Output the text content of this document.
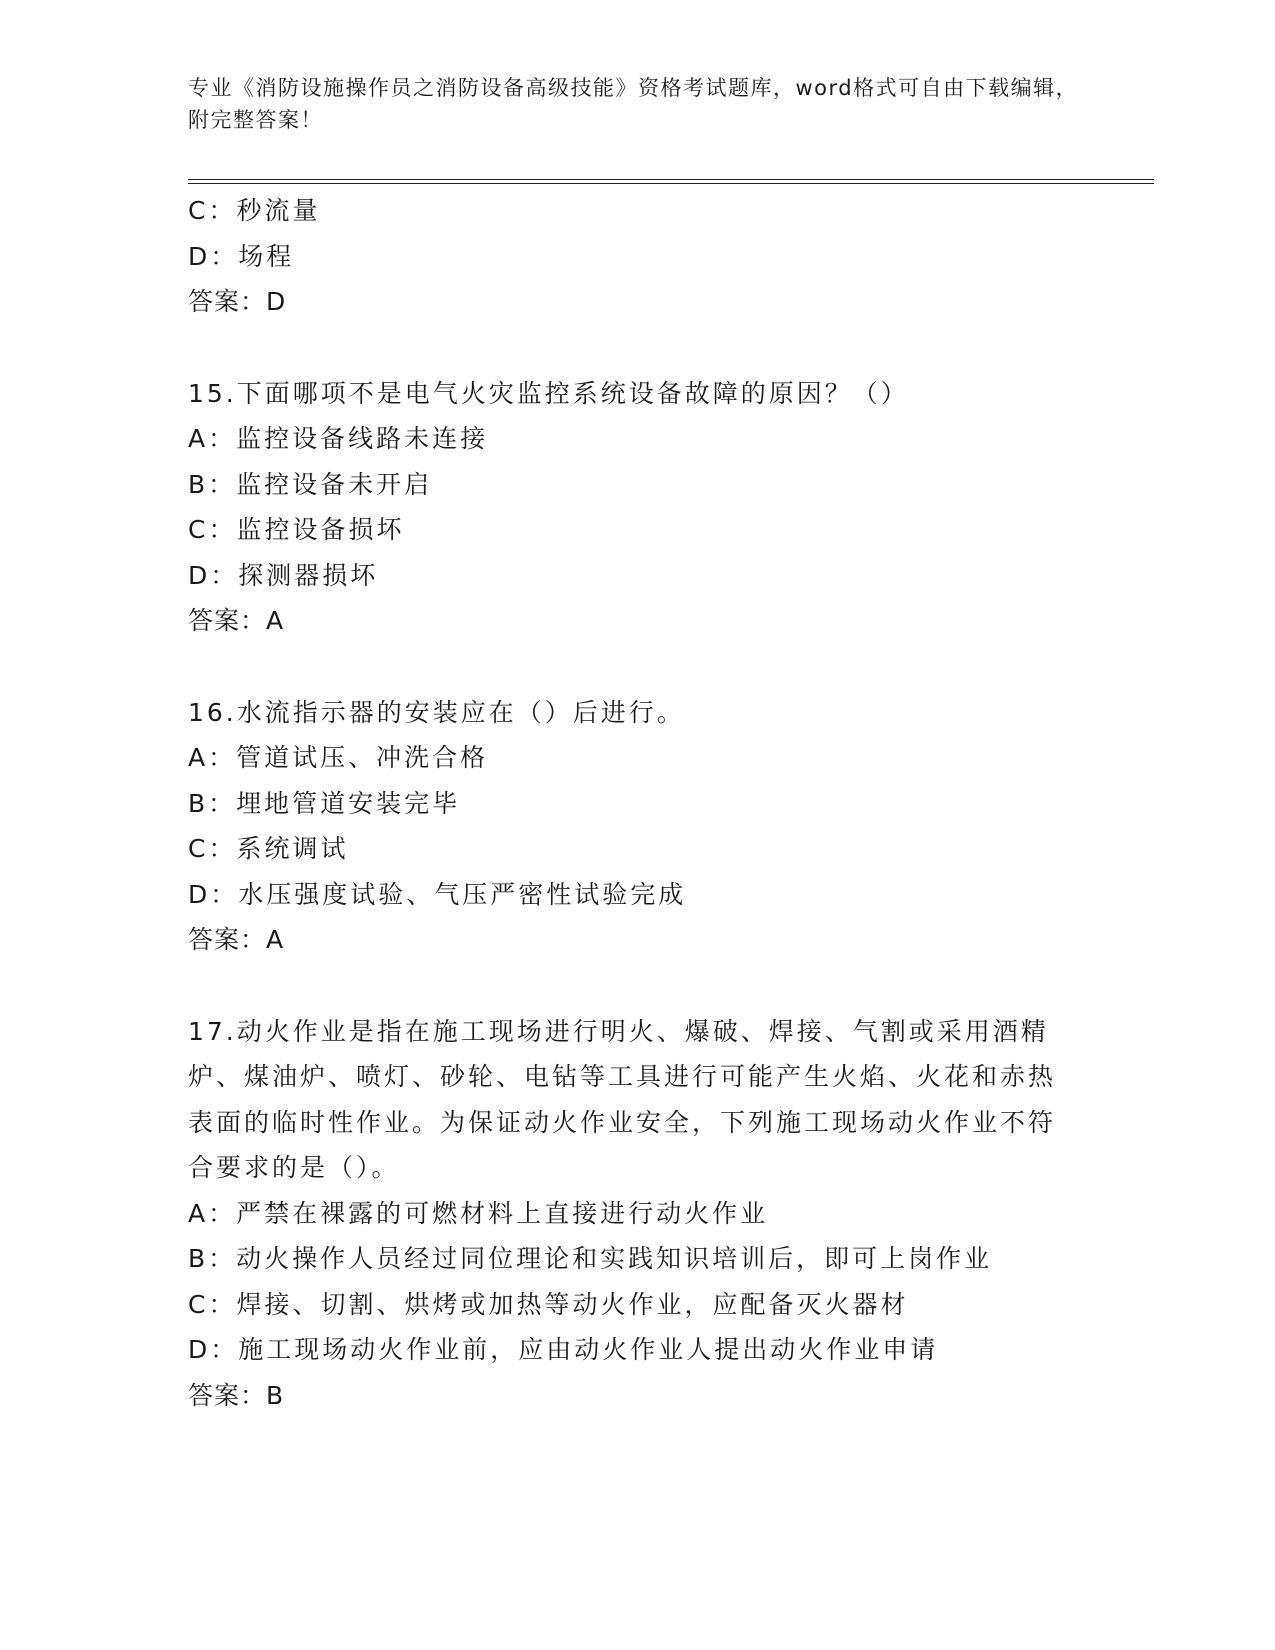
专业《消防设施操作员之消防设备高级技能》资格考试题库，word格式可自由下载编辑，附完整答案！
C：秒流量
D：场程
答案：D
15.下面哪项不是电气火灾监控系统设备故障的原因？（）
A：监控设备线路未连接
B：监控设备未开启
C：监控设备损坏
D：探测器损坏
答案：A
16.水流指示器的安装应在（）后进行。
A：管道试压、冲洗合格
B：埋地管道安装完毕
C：系统调试
D：水压强度试验、气压严密性试验完成
答案：A
17.动火作业是指在施工现场进行明火、爆破、焊接、气割或采用酒精炉、煤油炉、喷灯、砂轮、电钻等工具进行可能产生火焰、火花和赤热表面的临时性作业。为保证动火作业安全，下列施工现场动火作业不符合要求的是（）。
A：严禁在裸露的可燃材料上直接进行动火作业
B：动火操作人员经过同位理论和实践知识培训后，即可上岗作业
C：焊接、切割、烘烤或加热等动火作业，应配备灭火器材
D：施工现场动火作业前，应由动火作业人提出动火作业申请
答案：B
